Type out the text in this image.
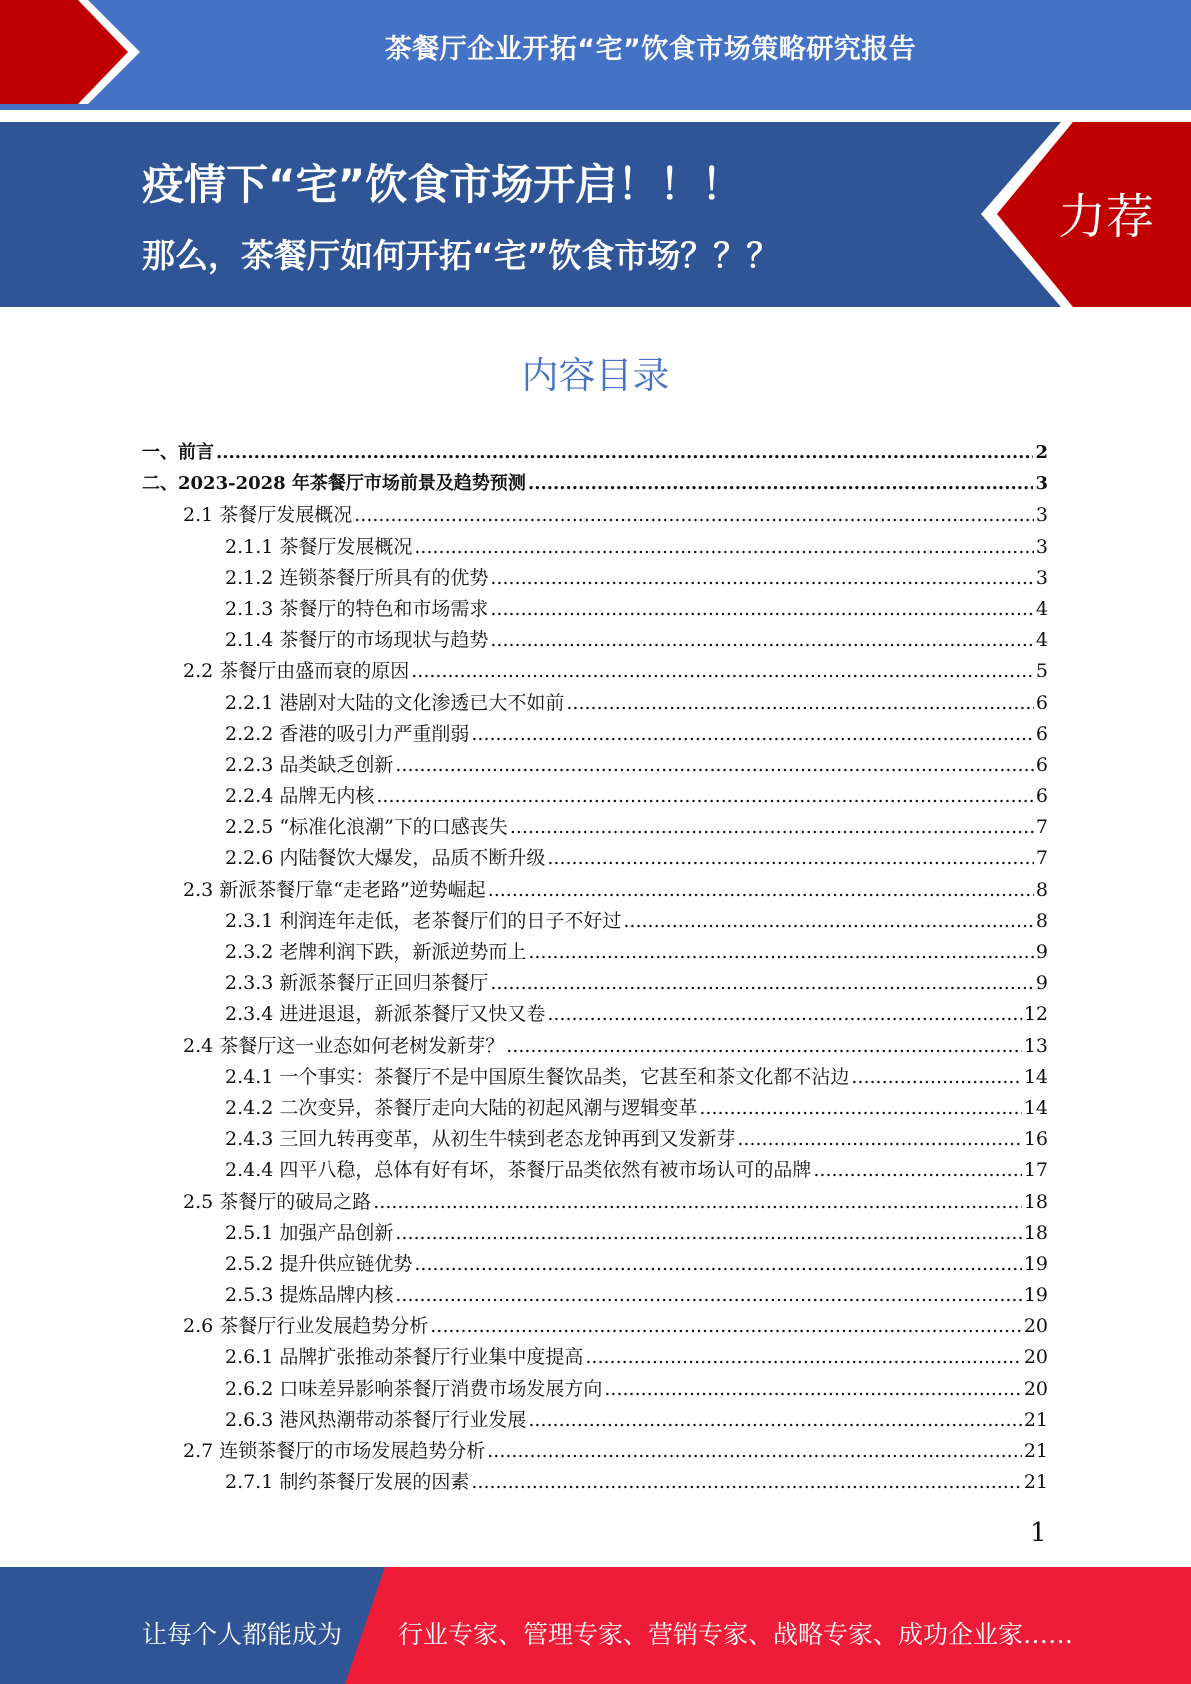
茶餐厅企业开拓“宅”饮食市场策略研究报告
疫情下“宅”饮食市场开启！！！
那么，茶餐厅如何开拓“宅”饮食市场？？？
力荐
内容目录
一、前言 .....	2
二、2023-2028 年茶餐厅市场前景及趋势预测 .....	3
2.1 茶餐厅发展概况 .....	3
2.1.1 茶餐厅发展概况 .....	3
2.1.2 连锁茶餐厅所具有的优势 .....	3
2.1.3 茶餐厅的特色和市场需求 .....	4
2.1.4 茶餐厅的市场现状与趋势 .....	4
2.2 茶餐厅由盛而衰的原因 .....	5
2.2.1 港剧对大陆的文化渗透已大不如前 .....	6
2.2.2 香港的吸引力严重削弱 .....	6
2.2.3 品类缺乏创新 .....	6
2.2.4 品牌无内核 .....	6
2.2.5 “标准化浪潮”下的口感丧失 .....	7
2.2.6 内陆餐饮大爆发，品质不断升级 .....	7
2.3 新派茶餐厅靠“走老路”逆势崛起 .....	8
2.3.1 利润连年走低，老茶餐厅们的日子不好过 .....	8
2.3.2 老牌利润下跌，新派逆势而上 .....	9
2.3.3 新派茶餐厅正回归茶餐厅 .....	9
2.3.4 进进退退，新派茶餐厅又快又卷 .....	12
2.4 茶餐厅这一业态如何老树发新芽？ .....	13
2.4.1 一个事实：茶餐厅不是中国原生餐饮品类，它甚至和茶文化都不沾边 .....	14
2.4.2 二次变异，茶餐厅走向大陆的初起风潮与逻辑变革 .....	14
2.4.3 三回九转再变革，从初生牛犊到老态龙钟再到又发新芽 .....	16
2.4.4 四平八稳，总体有好有坏，茶餐厅品类依然有被市场认可的品牌 .....	17
2.5 茶餐厅的破局之路 .....	18
2.5.1 加强产品创新 .....	18
2.5.2 提升供应链优势 .....	19
2.5.3 提炼品牌内核 .....	19
2.6 茶餐厅行业发展趋势分析 .....	20
2.6.1 品牌扩张推动茶餐厅行业集中度提高 .....	20
2.6.2 口味差异影响茶餐厅消费市场发展方向 .....	20
2.6.3 港风热潮带动茶餐厅行业发展 .....	21
2.7 连锁茶餐厅的市场发展趋势分析 .....	21
2.7.1 制约茶餐厅发展的因素 .....	21
1
让每个人都能成为 行业专家、管理专家、营销专家、战略专家、成功企业家……
